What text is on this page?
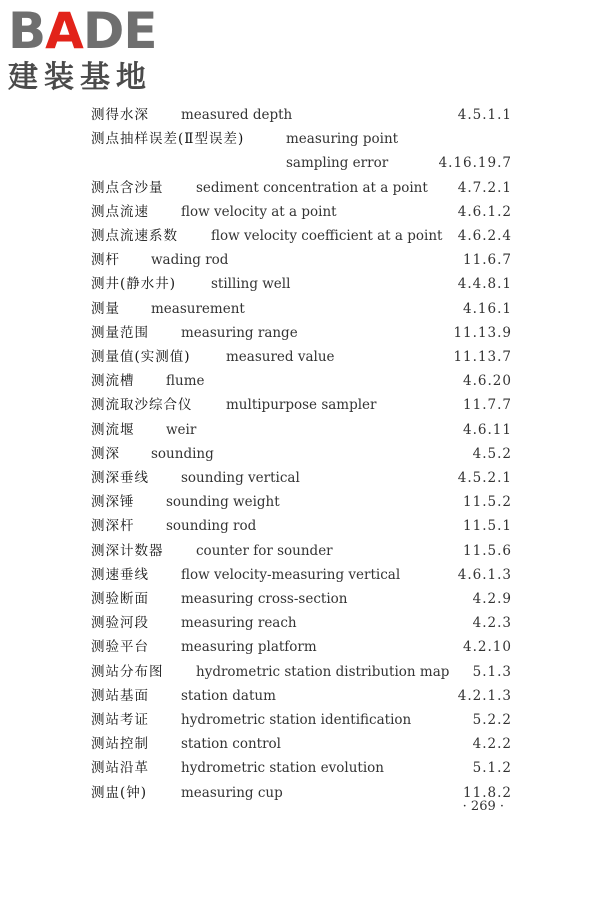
BADE
建装基地
测得水深 measured depth	4.5.1.1
测点抽样误差(Ⅱ型误差)	measuring point
sampling error	4.16.19.7
测点含沙量 sediment concentration at a point 4.7.2.1
测点流速 flow velocity at a point	4.6.1.2
测点流速系数 flow velocity coefficient at a point 4.6.2.4
测杆 wading rod	11.6.7
测井(静水井)	stilling well	4.4.8.1
测量 measurement	4.16.1
测量范围 measuring range	11.13.9
测量值(实测值)	measured value	11.13.7
测流槽 flume	4.6.20
测流取沙综合仪 multipurpose sampler	11.7.7
测流堰 weir	4.6.11
测深 sounding	4.5.2
测深垂线 sounding vertical	4.5.2.1
测深锤 sounding weight	11.5.2
测深杆 sounding rod	11.5.1
测深计数器 counter for sounder	11.5.6
测速垂线 flow velocity-measuring vertical	4.6.1.3
测验断面 measuring cross-section	4.2.9
测验河段 measuring reach	4.2.3
测验平台 measuring platform	4.2.10
测站分布图 hydrometric station distribution map 5.1.3
测站基面 station datum	4.2.1.3
测站考证 hydrometric station identification	5.2.2
测站控制 station control	4.2.2
测站沿革 hydrometric station evolution	5.1.2
测盅(钟)	measuring cup	11.8.2
· 269 ·
